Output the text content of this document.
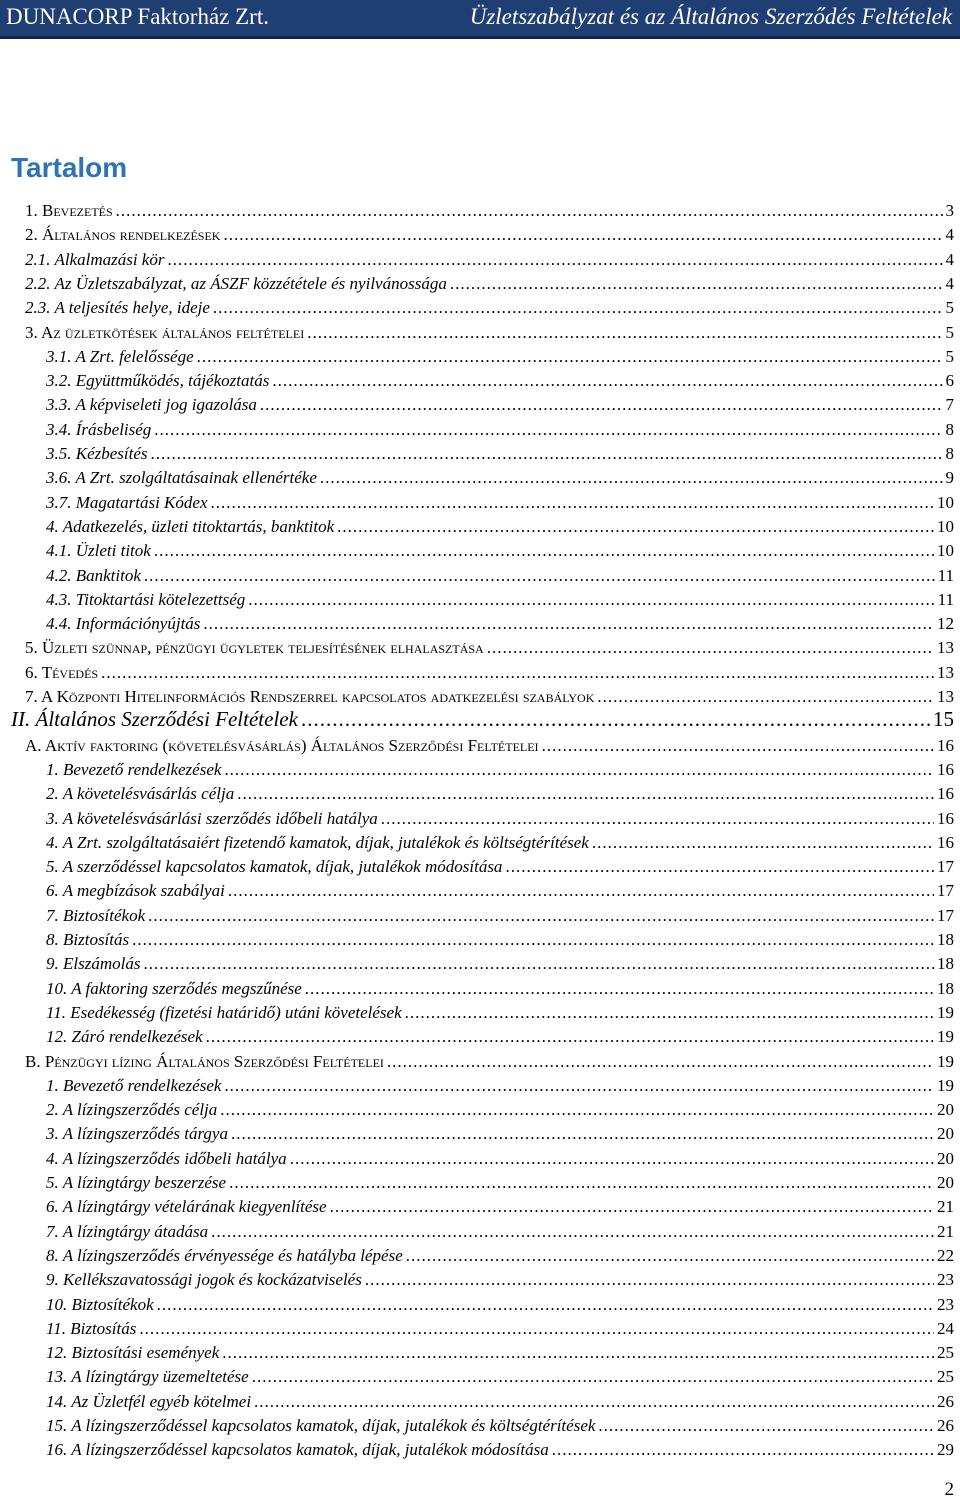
DUNACORP Faktorház Zrt.	Üzletszabályzat és az Általános Szerződés Feltételek
Tartalom
1. Bevezetés .....	3
2. Általános rendelkezések .....	4
2.1. Alkalmazási kör .....	4
2.2. Az Üzletszabályzat, az ÁSZF közzététele és nyilvánossága .....	4
2.3. A teljesítés helye, ideje .....	5
3. Az üzletkötések általános feltételei .....	5
3.1. A Zrt. felelőssége .....	5
3.2. Együttműködés, tájékoztatás .....	6
3.3. A képviseleti jog igazolása .....	7
3.4. Írásbeliség .....	8
3.5. Kézbesítés .....	8
3.6. A Zrt. szolgáltatásainak ellenértéke .....	9
3.7. Magatartási Kódex .....	10
4. Adatkezelés, üzleti titoktartás, banktitok .....	10
4.1. Üzleti titok .....	10
4.2. Banktitok .....	11
4.3. Titoktartási kötelezettség .....	11
4.4. Információnyújtás .....	12
5. Üzleti szünnap, pénzügyi ügyletek teljesítésének elhalasztása .....	13
6. Tévedés .....	13
7. A Központi Hitelinformációs Rendszerrel kapcsolatos adatkezelési szabályok .....	13
II. Általános Szerződési Feltételek .....	15
A. Aktív faktoring (követelésvásárlás) Általános Szerződési Feltételei .....	16
1. Bevezető rendelkezések .....	16
2. A követelésvásárlás célja .....	16
3. A követelésvásárlási szerződés időbeli hatálya .....	16
4. A Zrt. szolgáltatásaiért fizetendő kamatok, díjak, jutalékok és költségtérítések .....	16
5. A szerződéssel kapcsolatos kamatok, díjak, jutalékok módosítása .....	17
6. A megbízások szabályai .....	17
7. Biztosítékok .....	17
8. Biztosítás .....	18
9. Elszámolás .....	18
10. A faktoring szerződés megszűnése .....	18
11. Esedékesség (fizetési határidő) utáni követelések .....	19
12. Záró rendelkezések .....	19
B. Pénzügyi lízing Általános Szerződési Feltételei .....	19
1. Bevezető rendelkezések .....	19
2. A lízingszerződés célja .....	20
3. A lízingszerződés tárgya .....	20
4. A lízingszerződés időbeli hatálya .....	20
5. A lízingtárgy beszerzése .....	20
6. A lízingtárgy vételárának kiegyenlítése .....	21
7. A lízingtárgy átadása .....	21
8. A lízingszerződés érvényessége és hatályba lépése .....	22
9. Kellékszavatossági jogok és kockázatviselés .....	23
10. Biztosítékok .....	23
11. Biztosítás .....	24
12. Biztosítási események .....	25
13. A lízingtárgy üzemeltetése .....	25
14. Az Üzletfél egyéb kötelmei .....	26
15. A lízingszerződéssel kapcsolatos kamatok, díjak, jutalékok és költségtérítések .....	26
16. A lízingszerződéssel kapcsolatos kamatok, díjak, jutalékok módosítása .....	29
2
